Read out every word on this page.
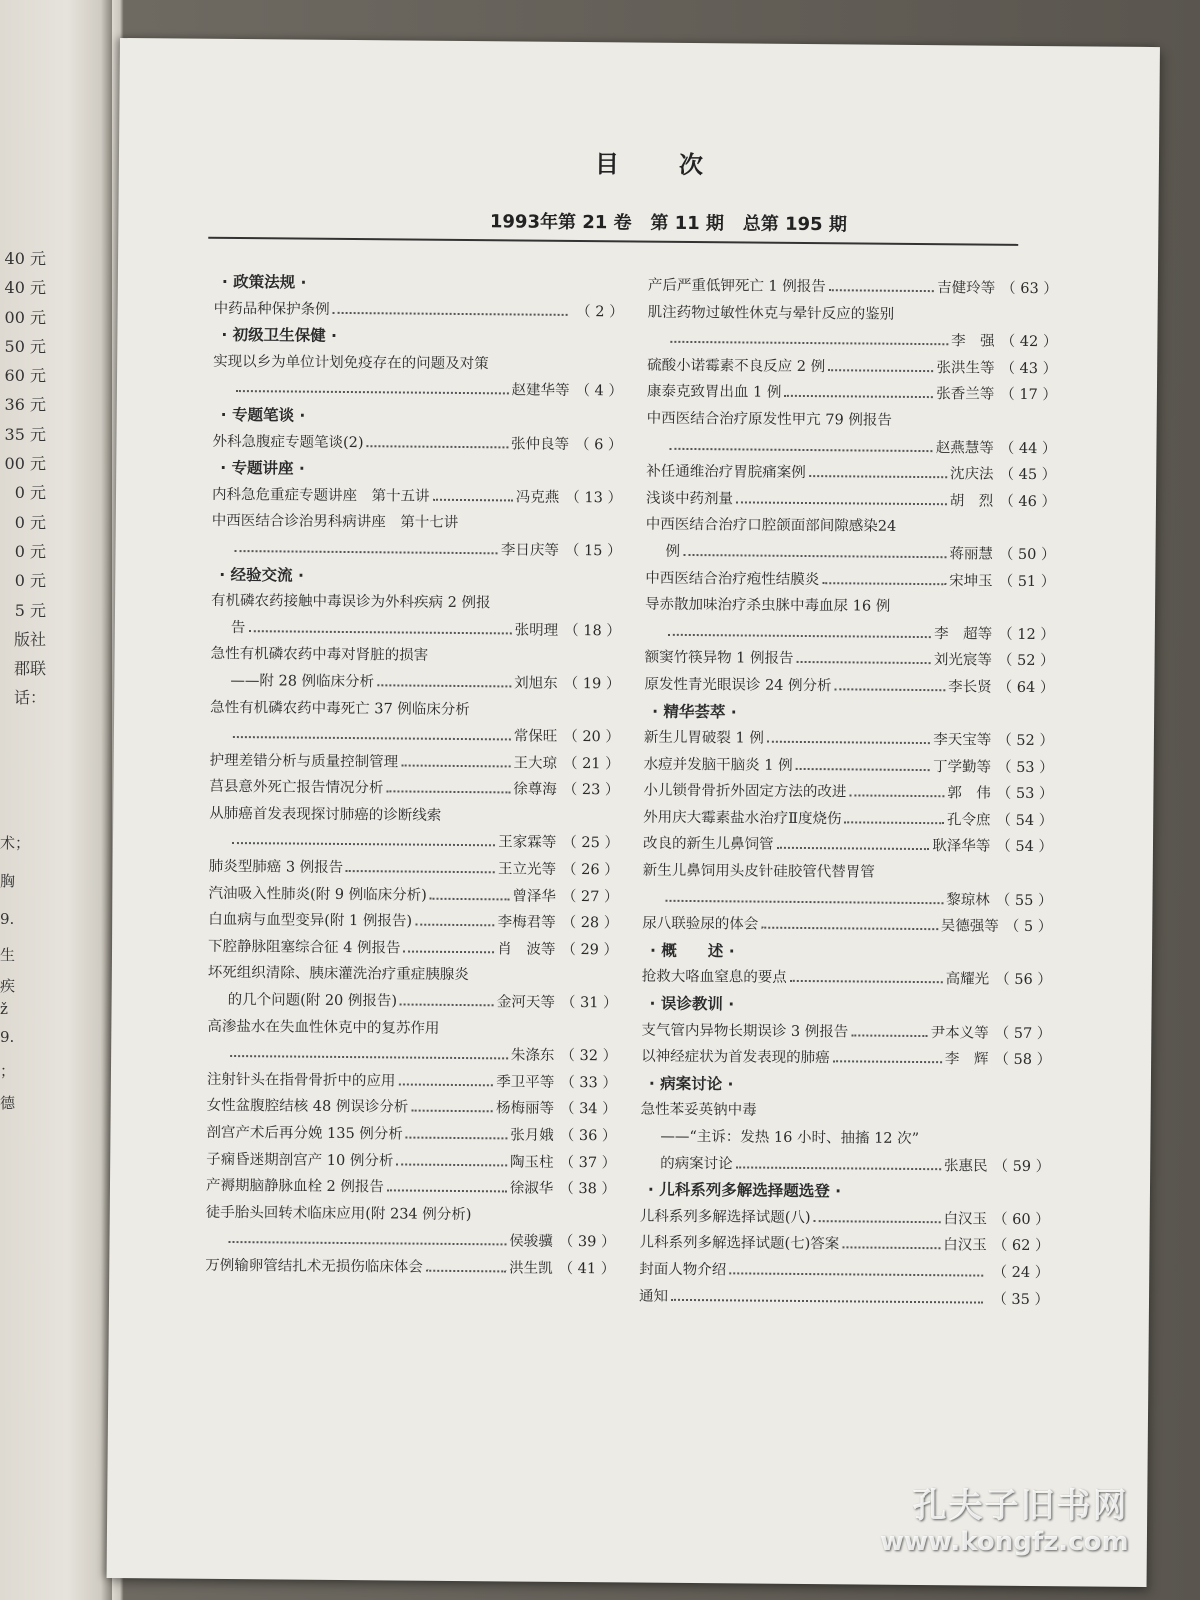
40 元
40 元
00 元
50 元
60 元
36 元
35 元
00 元
0 元
0 元
0 元
0 元
5 元
版社
郡联
话：
术；
胸
9.
生
疾
ž
9.
；
德
目次
1993年第 21 卷   第 11 期   总第 195 期
· 政策法规 ·
中药品种保护条例	（ 2 ）
· 初级卫生保健 ·
实现以乡为单位计划免疫存在的问题及对策
赵建华等 （ 4 ）
· 专题笔谈 ·
外科急腹症专题笔谈(2)	张仲良等 （ 6 ）
· 专题讲座 ·
内科急危重症专题讲座　第十五讲	冯克燕 （ 13 ）
中西医结合诊治男科病讲座　第十七讲
李日庆等 （ 15 ）
· 经验交流 ·
有机磷农药接触中毒误诊为外科疾病 2 例报
告	张明理 （ 18 ）
急性有机磷农药中毒对肾脏的损害
——附 28 例临床分析	刘旭东 （ 19 ）
急性有机磷农药中毒死亡 37 例临床分析
常保旺 （ 20 ）
护理差错分析与质量控制管理	王大琼 （ 21 ）
莒县意外死亡报告情况分析	徐尊海 （ 23 ）
从肺癌首发表现探讨肺癌的诊断线索
王家霖等 （ 25 ）
肺炎型肺癌 3 例报告	王立光等 （ 26 ）
汽油吸入性肺炎(附 9 例临床分析)	曾泽华 （ 27 ）
白血病与血型变异(附 1 例报告)	李梅君等 （ 28 ）
下腔静脉阻塞综合征 4 例报告	肖　波等 （ 29 ）
坏死组织清除、胰床灌洗治疗重症胰腺炎
的几个问题(附 20 例报告)	金河天等 （ 31 ）
高渗盐水在失血性休克中的复苏作用
朱涤东 （ 32 ）
注射针头在指骨骨折中的应用	季卫平等 （ 33 ）
女性盆腹腔结核 48 例误诊分析	杨梅丽等 （ 34 ）
剖宫产术后再分娩 135 例分析	张月娥 （ 36 ）
子痫昏迷期剖宫产 10 例分析	陶玉柱 （ 37 ）
产褥期脑静脉血栓 2 例报告	徐淑华 （ 38 ）
徒手胎头回转术临床应用(附 234 例分析)
侯骏骥 （ 39 ）
万例输卵管结扎术无损伤临床体会	洪生凯 （ 41 ）
产后严重低钾死亡 1 例报告	吉健玲等 （ 63 ）
肌注药物过敏性休克与晕针反应的鉴别
李　强 （ 42 ）
硫酸小诺霉素不良反应 2 例	张洪生等 （ 43 ）
康泰克致胃出血 1 例	张香兰等 （ 17 ）
中西医结合治疗原发性甲亢 79 例报告
赵燕慧等 （ 44 ）
补任通维治疗胃脘痛案例	沈庆法 （ 45 ）
浅谈中药剂量	胡　烈 （ 46 ）
中西医结合治疗口腔颌面部间隙感染24
例	蒋丽慧 （ 50 ）
中西医结合治疗疱性结膜炎	宋坤玉 （ 51 ）
导赤散加味治疗杀虫脒中毒血尿 16 例
李　超等 （ 12 ）
额窦竹筷异物 1 例报告	刘光宸等 （ 52 ）
原发性青光眼误诊 24 例分析	李长贤 （ 64 ）
· 精华荟萃 ·
新生儿胃破裂 1 例	李天宝等 （ 52 ）
水痘并发脑干脑炎 1 例	丁学勤等 （ 53 ）
小儿锁骨骨折外固定方法的改进	郭　伟 （ 53 ）
外用庆大霉素盐水治疗Ⅱ度烧伤	孔令庶 （ 54 ）
改良的新生儿鼻饲管	耿泽华等 （ 54 ）
新生儿鼻饲用头皮针硅胶管代替胃管
黎琼林 （ 55 ）
尿八联验尿的体会	吴德强等 （ 5 ）
· 概　　述 ·
抢救大咯血窒息的要点	高耀光 （ 56 ）
· 误诊教训 ·
支气管内异物长期误诊 3 例报告	尹本义等 （ 57 ）
以神经症状为首发表现的肺癌	李　辉 （ 58 ）
· 病案讨论 ·
急性苯妥英钠中毒
——“主诉：发热 16 小时、抽搐 12 次”
的病案讨论	张惠民 （ 59 ）
· 儿科系列多解选择题选登 ·
儿科系列多解选择试题(八)	白汉玉 （ 60 ）
儿科系列多解选择试题(七)答案	白汉玉 （ 62 ）
封面人物介绍	（ 24 ）
通知	（ 35 ）
孔夫子旧书网
www.kongfz.com
